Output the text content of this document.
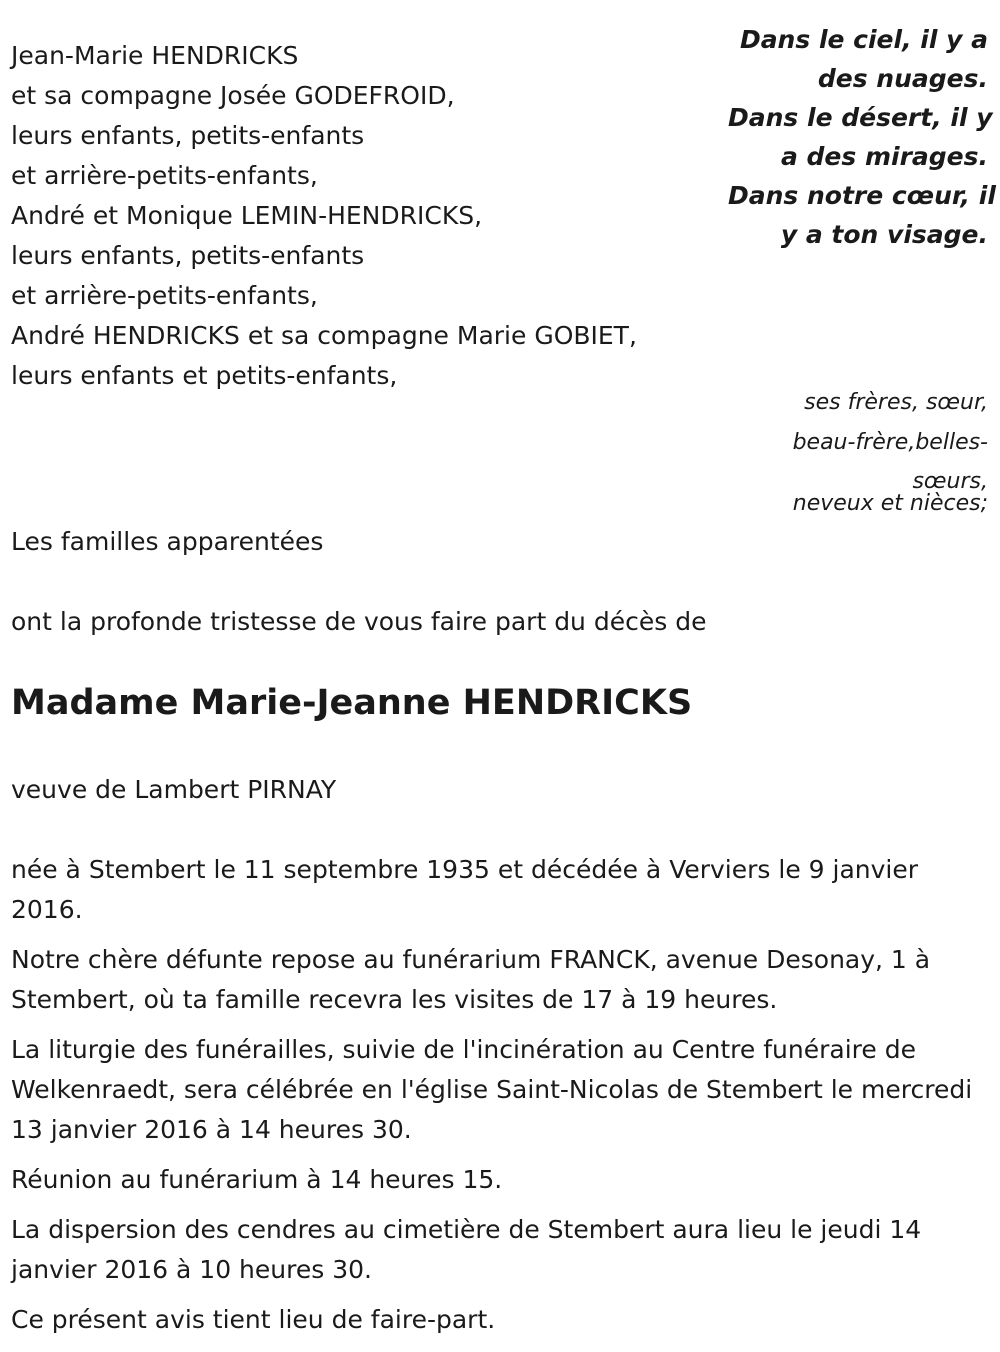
Jean-Marie HENDRICKS
et sa compagne Josée GODEFROID,
leurs enfants, petits-enfants
et arrière-petits-enfants,
André et Monique LEMIN-HENDRICKS,
leurs enfants, petits-enfants
et arrière-petits-enfants,
André HENDRICKS et sa compagne Marie GOBIET,
leurs enfants et petits-enfants,
Dans le ciel, il y a
des nuages.
Dans le désert, il y
a des mirages.
Dans notre cœur, il
y a ton visage.
ses frères, sœur,
beau-frère,belles-
sœurs,
neveux et nièces;
Les familles apparentées
ont la profonde tristesse de vous faire part du décès de
Madame Marie-Jeanne HENDRICKS
veuve de Lambert PIRNAY

née à Stembert le 11 septembre 1935 et décédée à Verviers le 9 janvier 2016.

Notre chère défunte repose au funérarium FRANCK, avenue Desonay, 1 à Stembert, où ta famille recevra les visites de 17 à 19 heures.

La liturgie des funérailles, suivie de l'incinération au Centre funéraire de Welkenraedt, sera célébrée en l'église Saint-Nicolas de Stembert le mercredi 13 janvier 2016 à 14 heures 30.

Réunion au funérarium à 14 heures 15.

La dispersion des cendres au cimetière de Stembert aura lieu le jeudi 14 janvier 2016 à 10 heures 30.

Ce présent avis tient lieu de faire-part.
